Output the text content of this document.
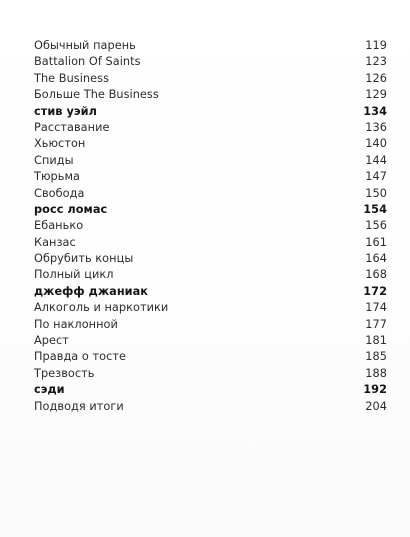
Обычный парень	119
Battalion Of Saints	123
The Business	126
Больше The Business	129
стив уэйл	134
Расставание	136
Хьюстон	140
Спиды	144
Тюрьма	147
Свобода	150
росс ломас	154
Ебанько	156
Канзас	161
Обрубить концы	164
Полный цикл	168
джефф джаниак	172
Алкоголь и наркотики	174
По наклонной	177
Арест	181
Правда о тосте	185
Трезвость	188
сэди	192
Подводя итоги	204
